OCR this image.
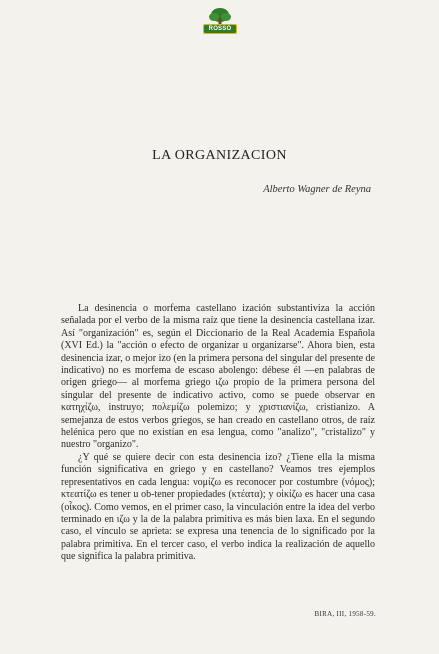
ROSSO
LA ORGANIZACION
Alberto Wagner de Reyna

La desinencia o morfema castellano ización substantiviza la acción señalada por el verbo de la misma raíz que tiene la desinencia castellana izar. Así "organización" es, según el Diccionario de la Real Academia Española (XVI Ed.) la "acción o efecto de organizar u organizarse". Ahora bien, esta desinencia izar, o mejor izo (en la primera persona del singular del presente de indicativo) no es morfema de escaso abolengo: débese él —en palabras de origen griego— al morfema griego ιζω propio de la primera persona del singular del presente de indicativo activo, como se puede observar en κατηχίζω, instruyo; πολεμίζω polemizo; y χριστιανίζω, cristianizo. A semejanza de estos verbos griegos, se han creado en castellano otros, de raíz helénica pero que no existían en esa lengua, como "analizo", "cristalizo" y nuestro "organizo".

¿Y qué se quiere decir con esta desinencia izo? ¿Tiene ella la misma función significativa en griego y en castellano? Veamos tres ejemplos representativos en cada lengua: νομίζω es reconocer por costumbre (νόμος); κτεατίζω es tener u ob-tener propiedades (κτέατα); y οἰκίζω es hacer una casa (οἶκος). Como vemos, en el primer caso, la vinculación entre la idea del verbo terminado en ιζω y la de la palabra primitiva es más bien laxa. En el segundo caso, el vínculo se aprieta: se expresa una tenencia de lo significado por la palabra primitiva. En el tercer caso, el verbo indica la realización de aquello que significa la palabra primitiva.

BIRA, III, 1958-59.
